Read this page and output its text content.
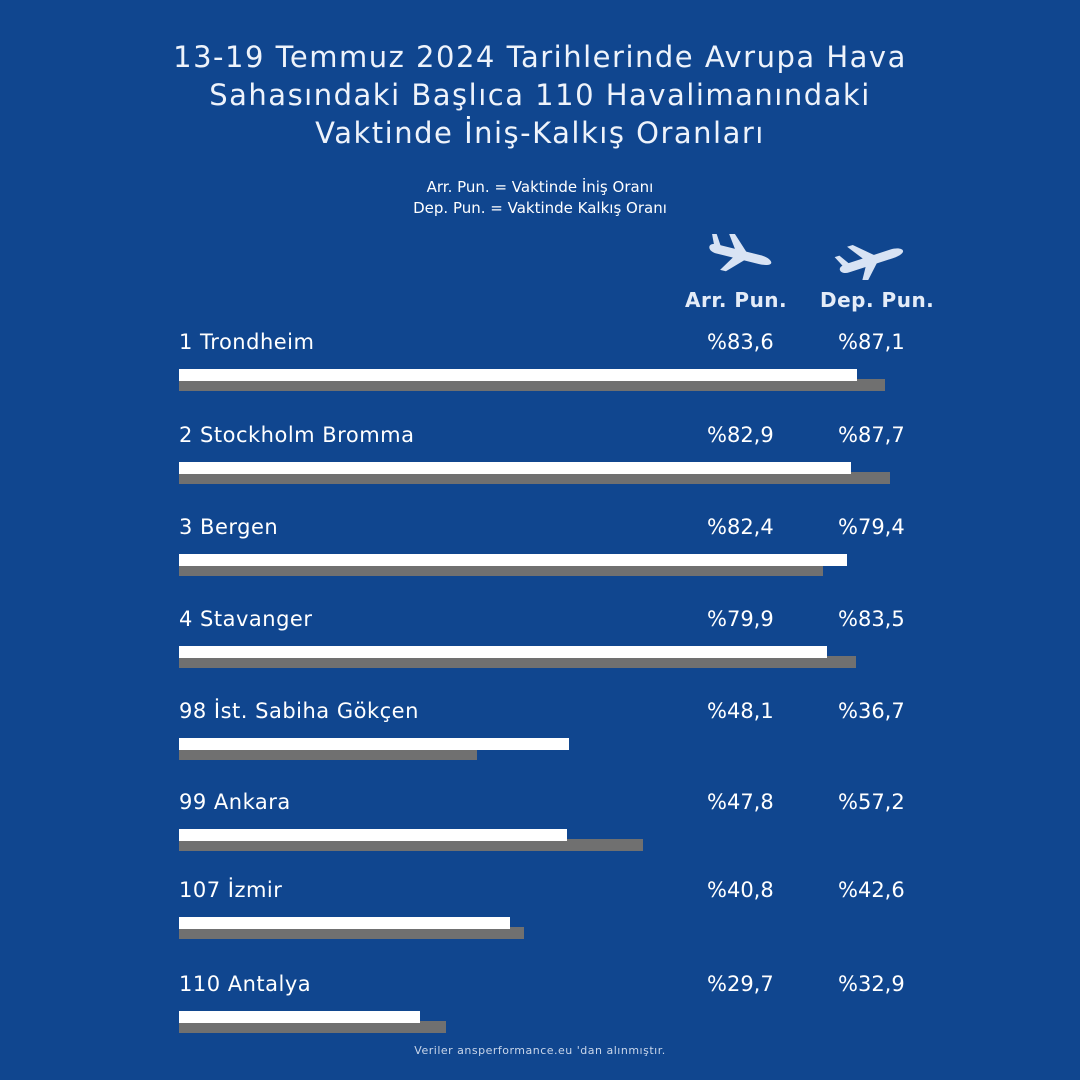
13-19 Temmuz 2024 Tarihlerinde Avrupa Hava
Sahasındaki Başlıca 110 Havalimanındaki
Vaktinde İniş-Kalkış Oranları
Arr. Pun. = Vaktinde İniş Oranı
Dep. Pun. = Vaktinde Kalkış Oranı
Arr. Pun. Dep. Pun.
1 Trondheim	%83,6	%87,1
2 Stockholm Bromma	%82,9	%87,7
3 Bergen	%82,4	%79,4
4 Stavanger	%79,9	%83,5
98 İst. Sabiha Gökçen	%48,1	%36,7
99 Ankara	%47,8	%57,2
107 İzmir	%40,8	%42,6
110 Antalya	%29,7	%32,9
Veriler ansperformance.eu 'dan alınmıştır.
